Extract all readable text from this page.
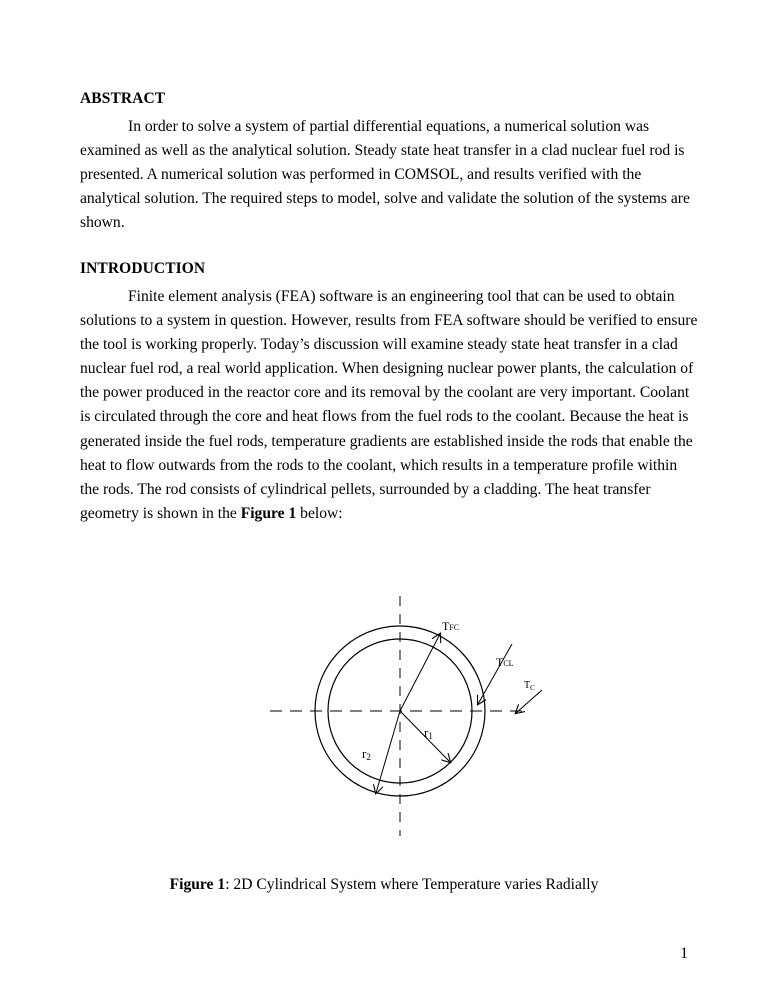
ABSTRACT

In order to solve a system of partial differential equations, a numerical solution was examined as well as the analytical solution. Steady state heat transfer in a clad nuclear fuel rod is presented. A numerical solution was performed in COMSOL, and results verified with the analytical solution. The required steps to model, solve and validate the solution of the systems are shown.

INTRODUCTION

Finite element analysis (FEA) software is an engineering tool that can be used to obtain solutions to a system in question. However, results from FEA software should be verified to ensure the tool is working properly. Today’s discussion will examine steady state heat transfer in a clad nuclear fuel rod, a real world application. When designing nuclear power plants, the calculation of the power produced in the reactor core and its removal by the coolant are very important. Coolant is circulated through the core and heat flows from the fuel rods to the coolant. Because the heat is generated inside the fuel rods, temperature gradients are established inside the rods that enable the heat to flow outwards from the rods to the coolant, which results in a temperature profile within the rods. The rod consists of cylindrical pellets, surrounded by a cladding. The heat transfer geometry is shown in the Figure 1 below:

TFC
TCL
$T_C$
r1
r2
Figure 1: 2D Cylindrical System where Temperature varies Radially
1
